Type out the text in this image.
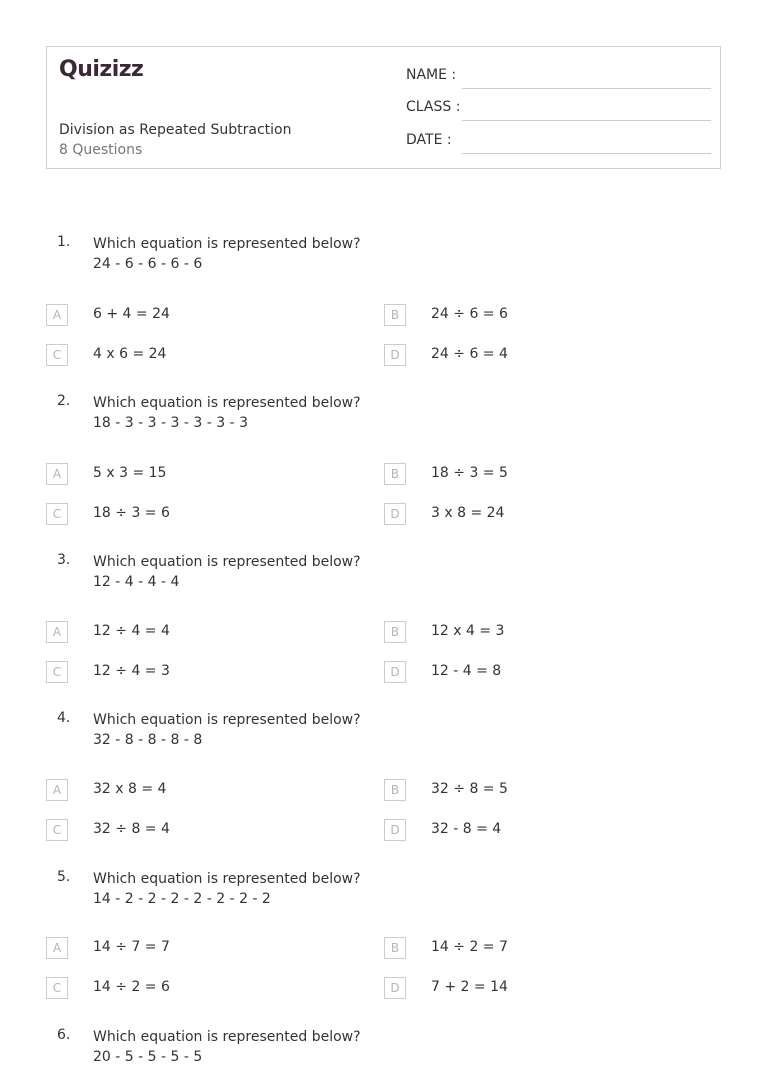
Quizizz
Division as Repeated Subtraction
8 Questions
NAME :
CLASS :
DATE :
1. Which equation is represented below?
24 - 6 - 6 - 6 - 6
A	6 + 4 = 24	B	24 ÷ 6 = 6
C	4 x 6 = 24	D	24 ÷ 6 = 4
2. Which equation is represented below?
18 - 3 - 3 - 3 - 3 - 3 - 3
A	5 x 3 = 15	B	18 ÷ 3 = 5
C	18 ÷ 3 = 6	D	3 x 8 = 24
3. Which equation is represented below?
12 - 4 - 4 - 4
A	12 ÷ 4 = 4	B	12 x 4 = 3
C	12 ÷ 4 = 3	D	12 - 4 = 8
4. Which equation is represented below?
32 - 8 - 8 - 8 - 8
A	32 x 8 = 4	B	32 ÷ 8 = 5
C	32 ÷ 8 = 4	D	32 - 8 = 4
5. Which equation is represented below?
14 - 2 - 2 - 2 - 2 - 2 - 2 - 2
A	14 ÷ 7 = 7	B	14 ÷ 2 = 7
C	14 ÷ 2 = 6	D	7 + 2 = 14
6. Which equation is represented below?
20 - 5 - 5 - 5 - 5
